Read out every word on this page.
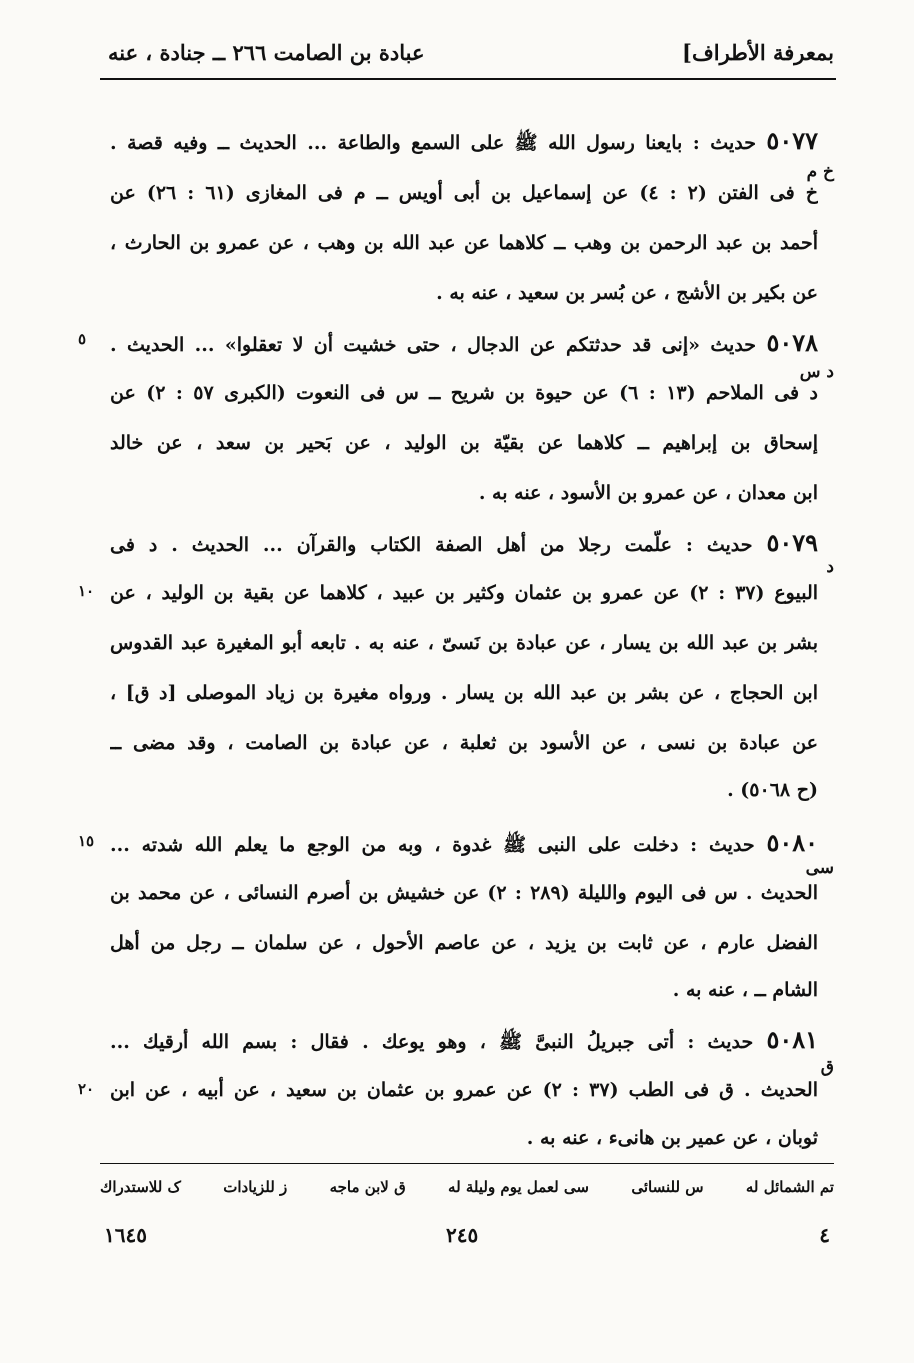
بمعرفة الأطراف]
عبادة بن الصامت ٢٦٦ ــ جنادة ، عنه
٥٠٧٧ حديث : بايعنا رسول الله ﷺ على السمع والطاعة ... الحديث ــ وفيه قصة .
خ م
خ فى الفتن (٢ : ٤) عن إسماعيل بن أبى أويس ــ م فى المغازى (٦١ : ٢٦) عن
أحمد بن عبد الرحمن بن وهب ــ كلاهما عن عبد الله بن وهب ، عن عمرو بن الحارث ،
عن بكير بن الأشج ، عن بُسر بن سعيد ، عنه به .
٥٠٧٨ حديث «إنى قد حدثتكم عن الدجال ، حتى خشيت أن لا تعقلوا» ... الحديث .
٥
د س
د فى الملاحم (١٣ : ٦) عن حيوة بن شريح ــ س فى النعوت (الكبرى ٥٧ : ٢) عن
إسحاق بن إبراهيم ــ كلاهما عن بقيّة بن الوليد ، عن بَحير بن سعد ، عن خالد
ابن معدان ، عن عمرو بن الأسود ، عنه به .
٥٠٧٩ حديث : علّمت رجلا من أهل الصفة الكتاب والقرآن ... الحديث . د فى
د
البيوع (٣٧ : ٢) عن عمرو بن عثمان وكثير بن عبيد ، كلاهما عن بقية بن الوليد ، عن
١٠
بشر بن عبد الله بن يسار ، عن عبادة بن نَسىّ ، عنه به . تابعه أبو المغيرة عبد القدوس
ابن الحجاج ، عن بشر بن عبد الله بن يسار . ورواه مغيرة بن زياد الموصلى [د ق] ،
عن عبادة بن نسى ، عن الأسود بن ثعلبة ، عن عبادة بن الصامت ، وقد مضى ــ
(ح ٥٠٦٨) .
٥٠٨٠ حديث : دخلت على النبى ﷺ غدوة ، وبه من الوجع ما يعلم الله شدته ...
١٥
سى
الحديث . س فى اليوم والليلة (٢٨٩ : ٢) عن خشيش بن أصرم النسائى ، عن محمد بن
الفضل عارم ، عن ثابت بن يزيد ، عن عاصم الأحول ، عن سلمان ــ رجل من أهل
الشام ــ ، عنه به .
٥٠٨١ حديث : أتى جبريلُ النبىَّ ﷺ ، وهو يوعك . فقال : بسم الله أرقيك ...
ق
الحديث . ق فى الطب (٣٧ : ٢) عن عمرو بن عثمان بن سعيد ، عن أبيه ، عن ابن
٢٠
ثوبان ، عن عمير بن هانىء ، عنه به .
تم الشمائل له
س للنسائى
سى لعمل يوم وليلة له
ق لابن ماجه
ز للزيادات
ک للاستدراك
٤
٢٤٥
١٦٤٥
